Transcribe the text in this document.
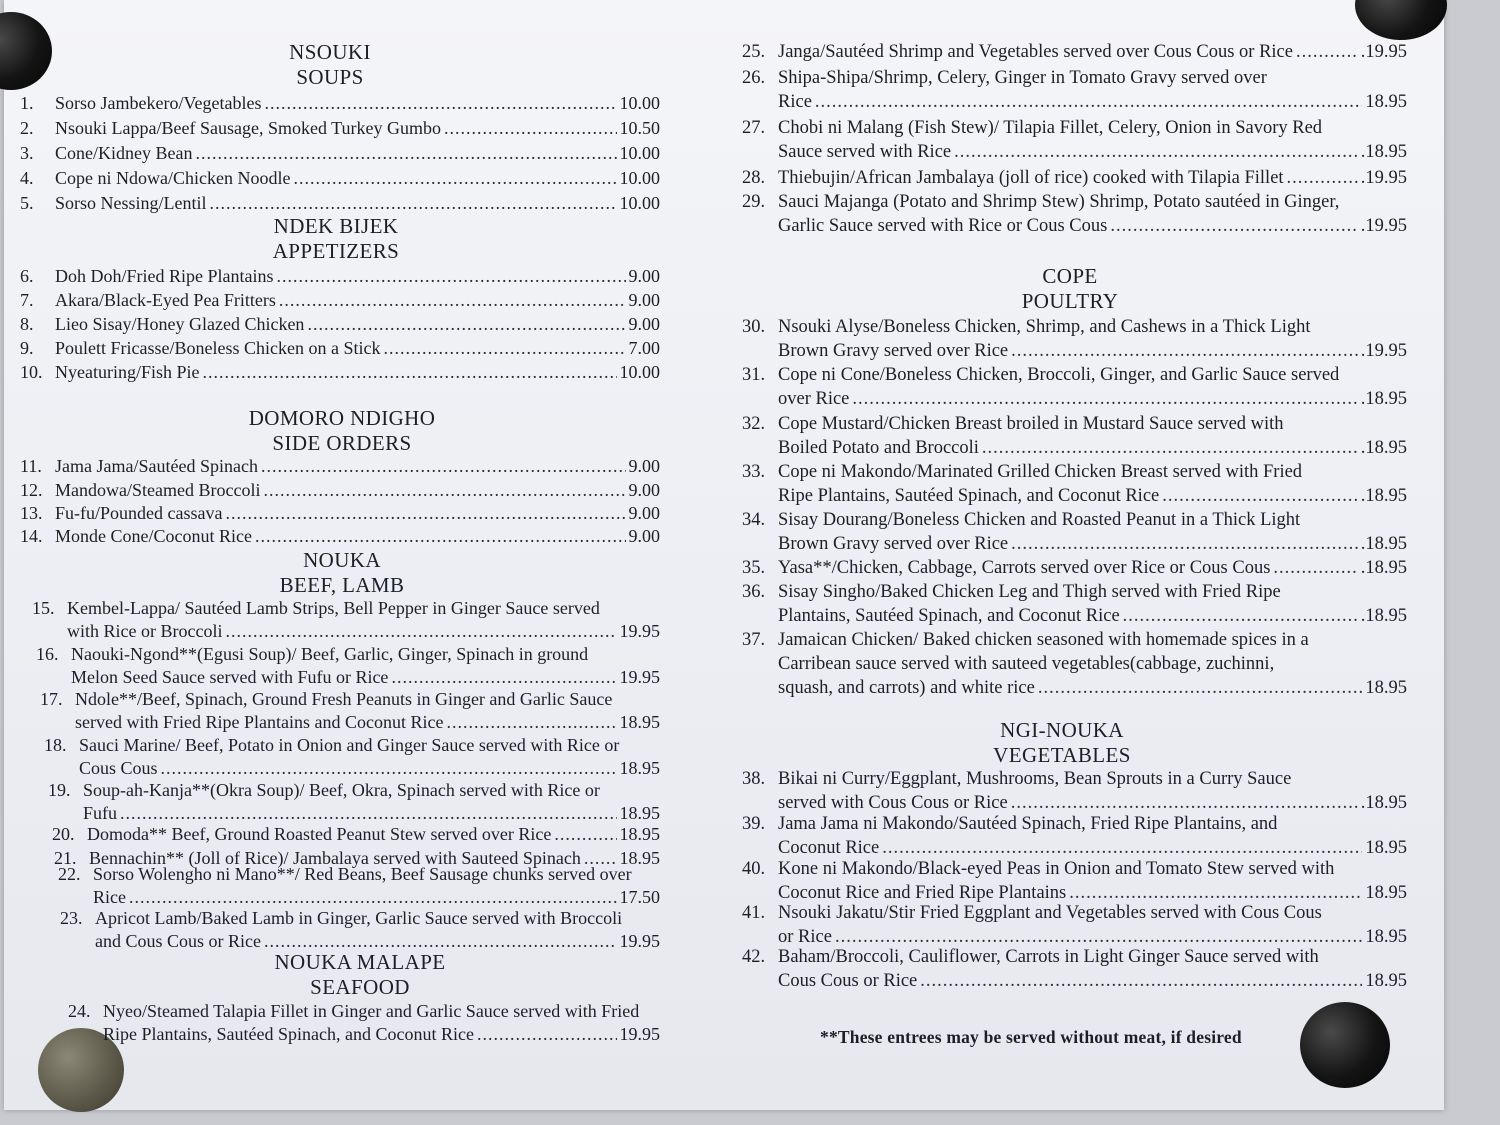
NSOUKI
SOUPS
1. Sorso Jambekero/Vegetables .....	10.00
2. Nsouki Lappa/Beef Sausage, Smoked Turkey Gumbo .....	10.50
3. Cone/Kidney Bean .....	10.00
4. Cope ni Ndowa/Chicken Noodle .....	10.00
5. Sorso Nessing/Lentil .....	10.00
NDEK BIJEK
APPETIZERS
6. Doh Doh/Fried Ripe Plantains .....	9.00
7. Akara/Black-Eyed Pea Fritters .....	9.00
8. Lieo Sisay/Honey Glazed Chicken .....	9.00
9. Poulett Fricasse/Boneless Chicken on a Stick .....	7.00
10. Nyeaturing/Fish Pie .....	10.00
DOMORO NDIGHO
SIDE ORDERS
11. Jama Jama/Sautéed Spinach .....	9.00
12. Mandowa/Steamed Broccoli .....	9.00
13. Fu-fu/Pounded cassava .....	9.00
14. Monde Cone/Coconut Rice .....	9.00
NOUKA
BEEF, LAMB
15. Kembel-Lappa/ Sautéed Lamb Strips, Bell Pepper in Ginger Sauce served
with Rice or Broccoli .....	19.95
16. Naouki-Ngond**(Egusi Soup)/ Beef, Garlic, Ginger, Spinach in ground
Melon Seed Sauce served with Fufu or Rice .....	19.95
17. Ndole**/Beef, Spinach, Ground Fresh Peanuts in Ginger and Garlic Sauce
served with Fried Ripe Plantains and Coconut Rice .....	18.95
18. Sauci Marine/ Beef, Potato in Onion and Ginger Sauce served with Rice or
Cous Cous .....	18.95
19. Soup-ah-Kanja**(Okra Soup)/ Beef, Okra, Spinach served with Rice or
Fufu .....	18.95
20. Domoda** Beef, Ground Roasted Peanut Stew served over Rice .....	18.95
21. Bennachin** (Joll of Rice)/ Jambalaya served with Sauteed Spinach ..... 18.95
22. Sorso Wolengho ni Mano**/ Red Beans, Beef Sausage chunks served over
Rice .....	17.50
23. Apricot Lamb/Baked Lamb in Ginger, Garlic Sauce served with Broccoli
and Cous Cous or Rice .....	19.95
NOUKA MALAPE
SEAFOOD
24. Nyeo/Steamed Talapia Fillet in Ginger and Garlic Sauce served with Fried
Ripe Plantains, Sautéed Spinach, and Coconut Rice .....	19.95
25. Janga/Sautéed Shrimp and Vegetables served over Cous Cous or Rice .....	.19.95
26. Shipa-Shipa/Shrimp, Celery, Ginger in Tomato Gravy served over
Rice .....	18.95
27. Chobi ni Malang (Fish Stew)/ Tilapia Fillet, Celery, Onion in Savory Red
Sauce served with Rice .....	.18.95
28. Thiebujin/African Jambalaya (joll of rice) cooked with Tilapia Fillet .....	.19.95
29. Sauci Majanga (Potato and Shrimp Stew) Shrimp, Potato sautéed in Ginger,
Garlic Sauce served with Rice or Cous Cous .....	.19.95
COPE
POULTRY
30. Nsouki Alyse/Boneless Chicken, Shrimp, and Cashews in a Thick Light
Brown Gravy served over Rice .....	.19.95
31. Cope ni Cone/Boneless Chicken, Broccoli, Ginger, and Garlic Sauce served
over Rice .....	.18.95
32. Cope Mustard/Chicken Breast broiled in Mustard Sauce served with
Boiled Potato and Broccoli .....	.18.95
33. Cope ni Makondo/Marinated Grilled Chicken Breast served with Fried
Ripe Plantains, Sautéed Spinach, and Coconut Rice .....	.18.95
34. Sisay Dourang/Boneless Chicken and Roasted Peanut in a Thick Light
Brown Gravy served over Rice .....	.18.95
35. Yasa**/Chicken, Cabbage, Carrots served over Rice or Cous Cous .....	.18.95
36. Sisay Singho/Baked Chicken Leg and Thigh served with Fried Ripe
Plantains, Sautéed Spinach, and Coconut Rice .....	.18.95
37. Jamaican Chicken/ Baked chicken seasoned with homemade spices in a
Carribean sauce served with sauteed vegetables(cabbage, zuchinni,
squash, and carrots) and white rice .....	18.95
NGI-NOUKA
VEGETABLES
38. Bikai ni Curry/Eggplant, Mushrooms, Bean Sprouts in a Curry Sauce
served with Cous Cous or Rice .....	.18.95
39. Jama Jama ni Makondo/Sautéed Spinach, Fried Ripe Plantains, and
Coconut Rice .....	18.95
40. Kone ni Makondo/Black-eyed Peas in Onion and Tomato Stew served with
Coconut Rice and Fried Ripe Plantains .....	18.95
41. Nsouki Jakatu/Stir Fried Eggplant and Vegetables served with Cous Cous
or Rice .....	18.95
42. Baham/Broccoli, Cauliflower, Carrots in Light Ginger Sauce served with
Cous Cous or Rice .....	18.95
**These entrees may be served without meat, if desired
